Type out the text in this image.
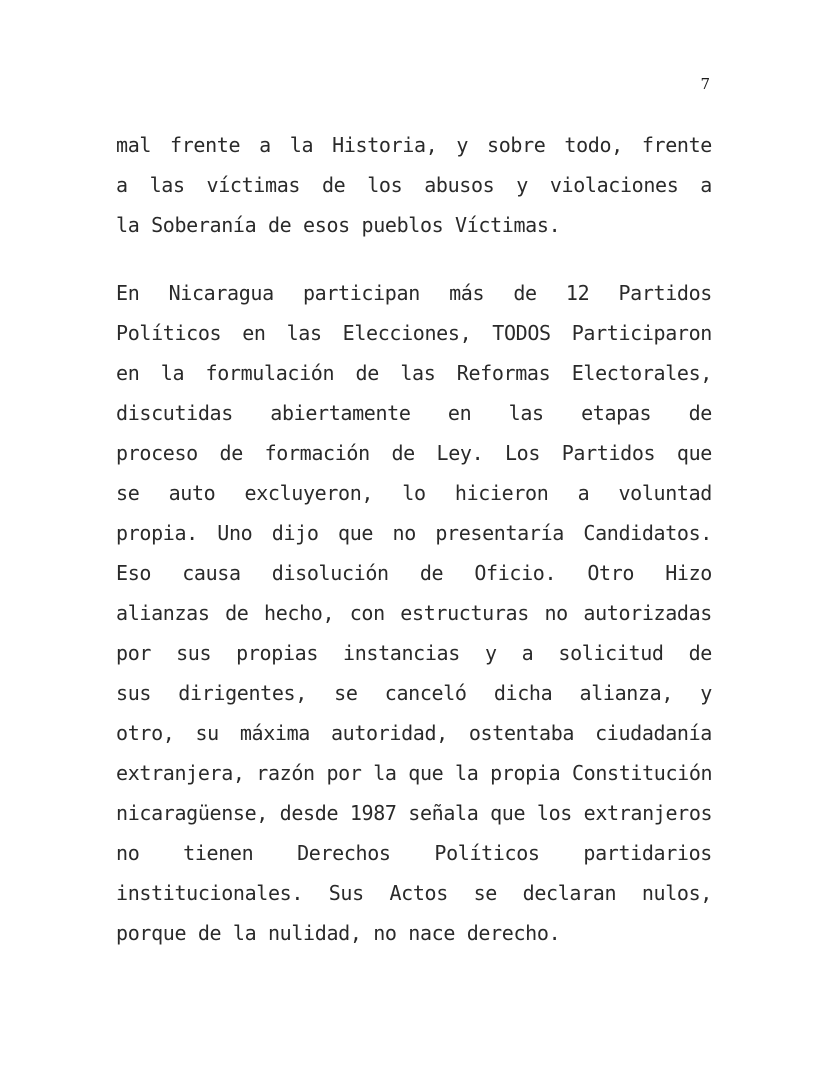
7
mal frente a la Historia, y sobre todo, frente
a las víctimas de los abusos y violaciones a
la Soberanía de esos pueblos Víctimas.
En Nicaragua participan más de 12 Partidos
Políticos en las Elecciones, TODOS Participaron
en la formulación de las Reformas Electorales,
discutidas abiertamente en las etapas de
proceso de formación de Ley. Los Partidos que
se auto excluyeron, lo hicieron a voluntad
propia. Uno dijo que no presentaría Candidatos.
Eso causa disolución de Oficio. Otro Hizo
alianzas de hecho, con estructuras no autorizadas
por sus propias instancias y a solicitud de
sus dirigentes, se canceló dicha alianza, y
otro, su máxima autoridad, ostentaba ciudadanía
extranjera, razón por la que la propia Constitución
nicaragüense, desde 1987 señala que los extranjeros
no tienen Derechos Políticos partidarios
institucionales. Sus Actos se declaran nulos,
porque de la nulidad, no nace derecho.
